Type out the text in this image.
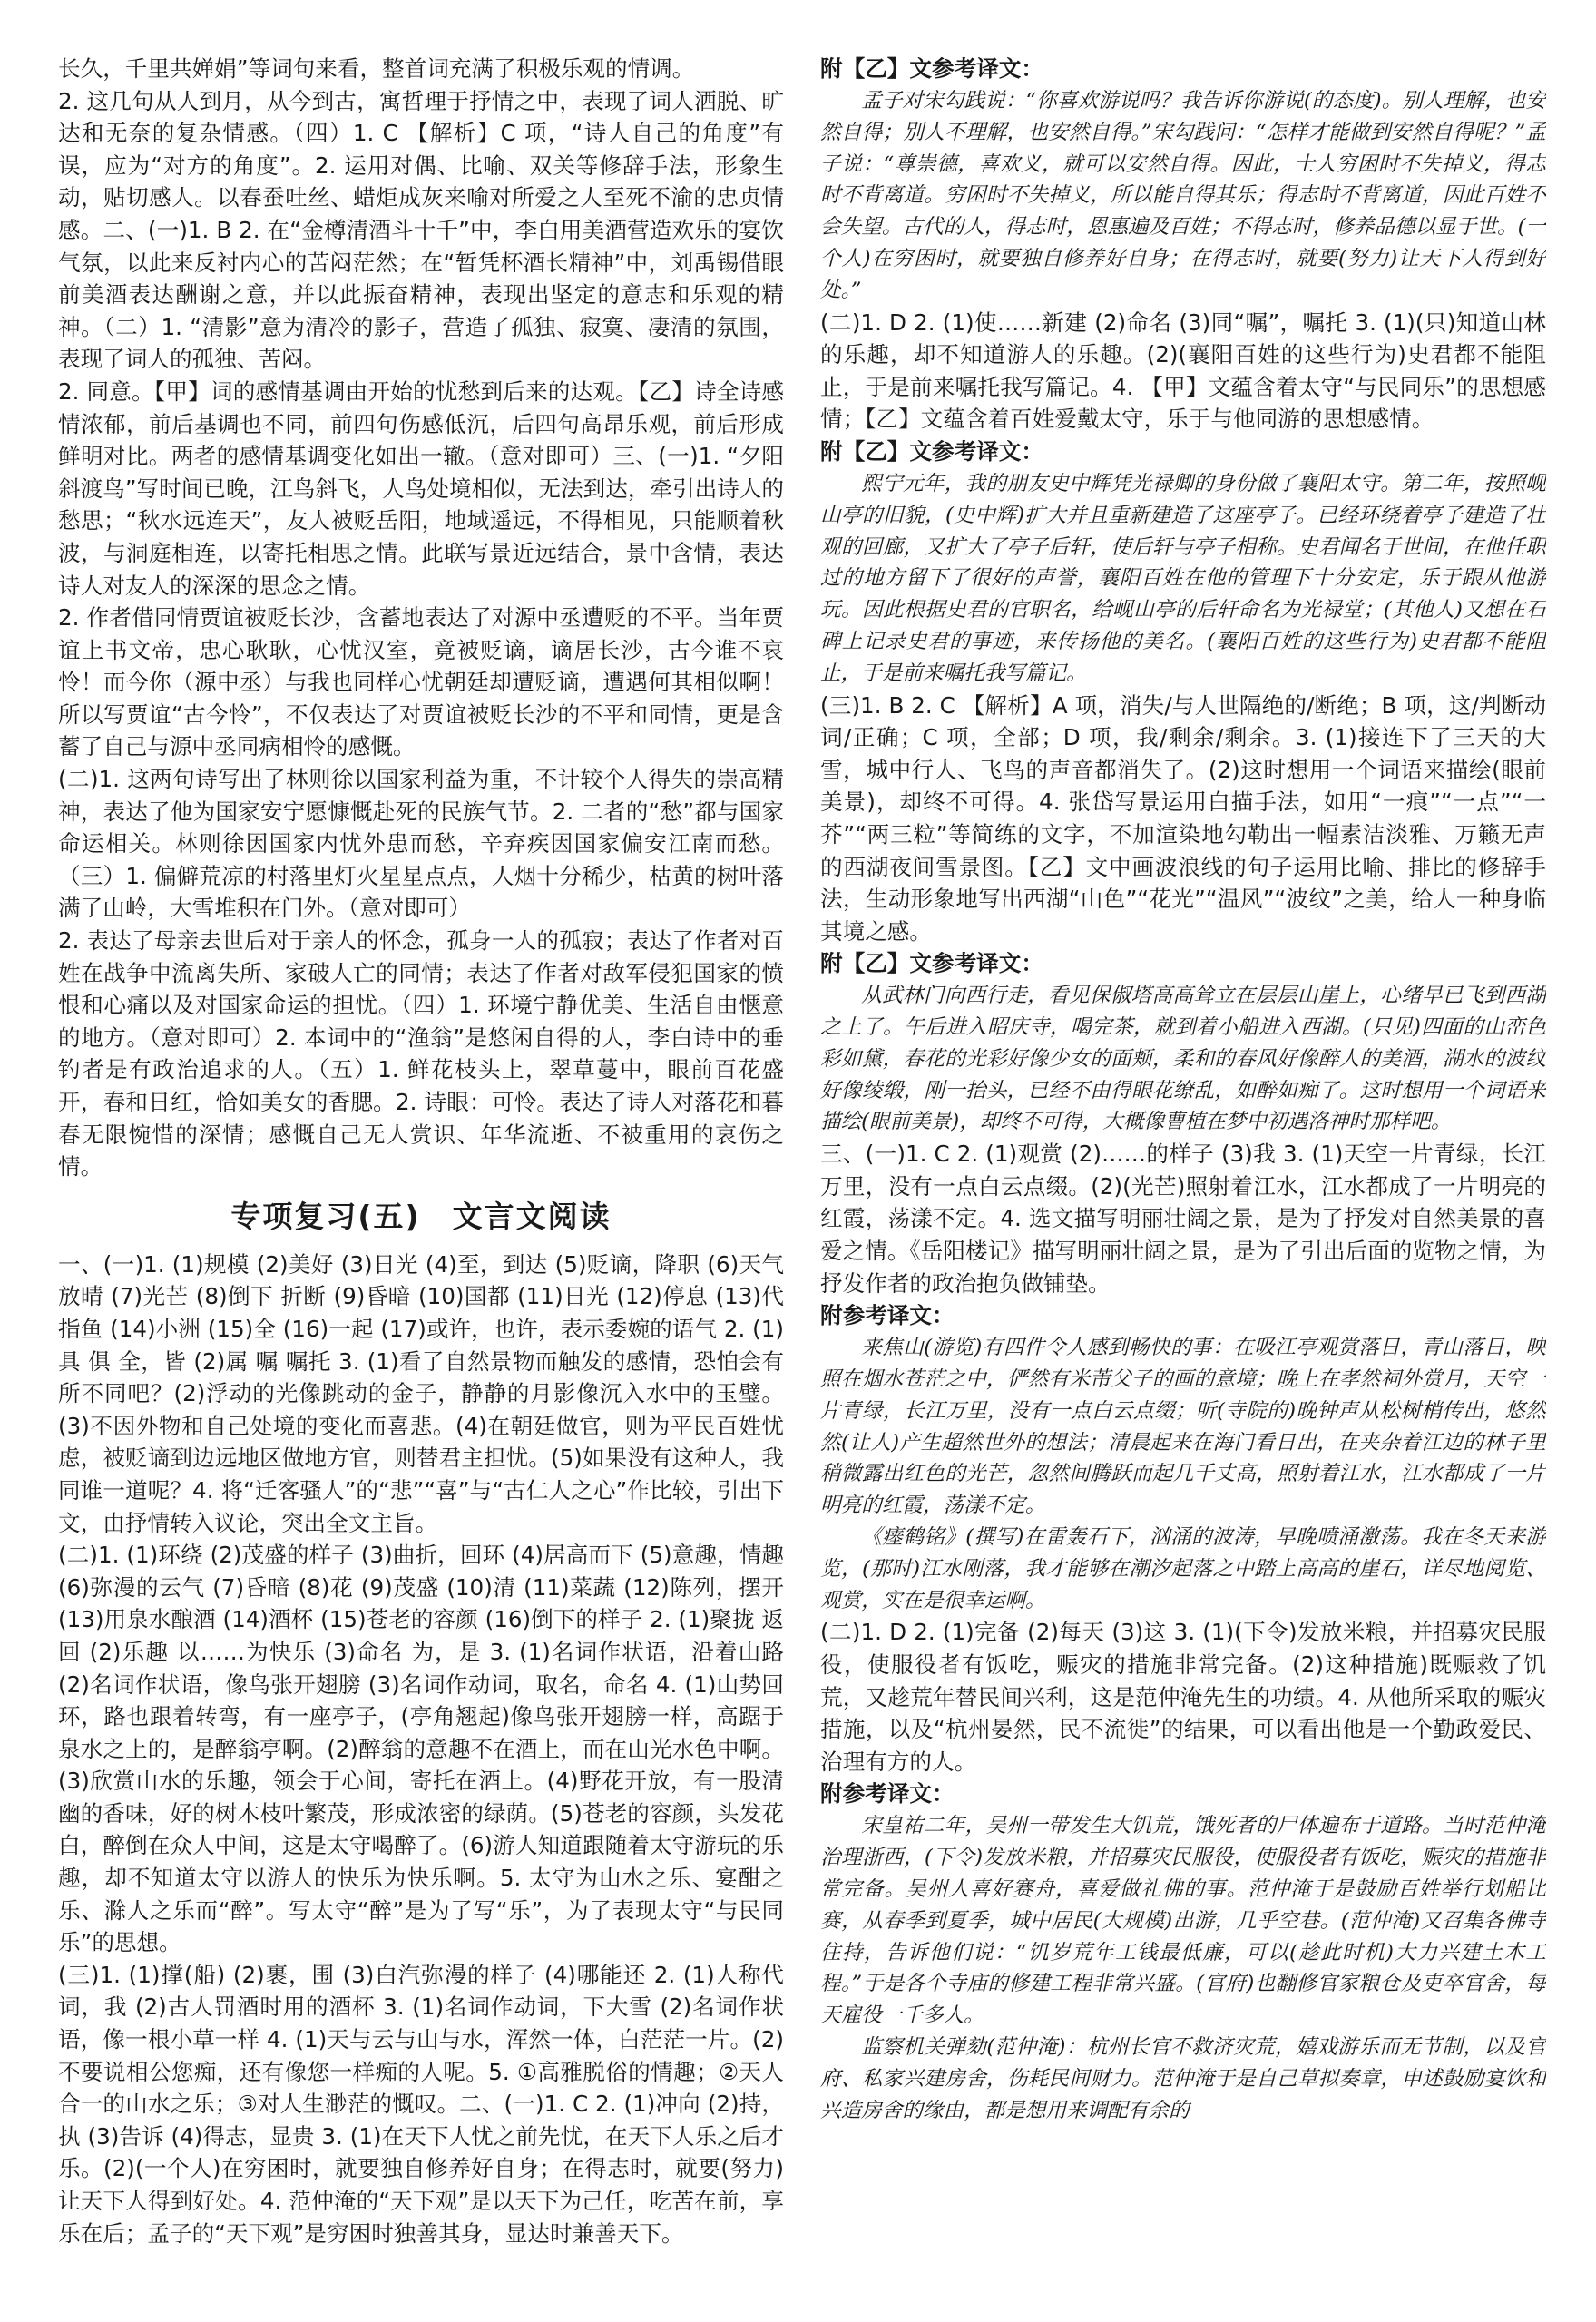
长久，千里共婵娟”等词句来看，整首词充满了积极乐观的情调。

2. 这几句从人到月，从今到古，寓哲理于抒情之中，表现了词人洒脱、旷达和无奈的复杂情感。（四）1. C 【解析】C 项，“诗人自己的角度”有误，应为“对方的角度”。2. 运用对偶、比喻、双关等修辞手法，形象生动，贴切感人。以春蚕吐丝、蜡炬成灰来喻对所爱之人至死不渝的忠贞情感。二、(一)1. B 2. 在“金樽清酒斗十千”中，李白用美酒营造欢乐的宴饮气氛，以此来反衬内心的苦闷茫然；在“暂凭杯酒长精神”中，刘禹锡借眼前美酒表达酬谢之意，并以此振奋精神，表现出坚定的意志和乐观的精神。（二）1. “清影”意为清冷的影子，营造了孤独、寂寞、凄清的氛围，表现了词人的孤独、苦闷。

2. 同意。【甲】词的感情基调由开始的忧愁到后来的达观。【乙】诗全诗感情浓郁，前后基调也不同，前四句伤感低沉，后四句高昂乐观，前后形成鲜明对比。两者的感情基调变化如出一辙。（意对即可）三、(一)1. “夕阳斜渡鸟”写时间已晚，江鸟斜飞，人鸟处境相似，无法到达，牵引出诗人的愁思；“秋水远连天”，友人被贬岳阳，地域遥远，不得相见，只能顺着秋波，与洞庭相连，以寄托相思之情。此联写景近远结合，景中含情，表达诗人对友人的深深的思念之情。

2. 作者借同情贾谊被贬长沙，含蓄地表达了对源中丞遭贬的不平。当年贾谊上书文帝，忠心耿耿，心忧汉室，竟被贬谪，谪居长沙，古今谁不哀怜！而今你（源中丞）与我也同样心忧朝廷却遭贬谪，遭遇何其相似啊！所以写贾谊“古今怜”，不仅表达了对贾谊被贬长沙的不平和同情，更是含蓄了自己与源中丞同病相怜的感慨。

(二)1. 这两句诗写出了林则徐以国家利益为重，不计较个人得失的崇高精神，表达了他为国家安宁愿慷慨赴死的民族气节。2. 二者的“愁”都与国家命运相关。林则徐因国家内忧外患而愁，辛弃疾因国家偏安江南而愁。（三）1. 偏僻荒凉的村落里灯火星星点点，人烟十分稀少，枯黄的树叶落满了山岭，大雪堆积在门外。（意对即可）

2. 表达了母亲去世后对于亲人的怀念，孤身一人的孤寂；表达了作者对百姓在战争中流离失所、家破人亡的同情；表达了作者对敌军侵犯国家的愤恨和心痛以及对国家命运的担忧。（四）1. 环境宁静优美、生活自由惬意的地方。（意对即可）2. 本词中的“渔翁”是悠闲自得的人，李白诗中的垂钓者是有政治追求的人。（五）1. 鲜花枝头上，翠草蔓中，眼前百花盛开，春和日红，恰如美女的香腮。2. 诗眼：可怜。表达了诗人对落花和暮春无限惋惜的深情；感慨自己无人赏识、年华流逝、不被重用的哀伤之情。

专项复习(五)　文言文阅读

一、(一)1. (1)规模 (2)美好 (3)日光 (4)至，到达 (5)贬谪，降职 (6)天气放晴 (7)光芒 (8)倒下 折断 (9)昏暗 (10)国都 (11)日光 (12)停息 (13)代指鱼 (14)小洲 (15)全 (16)一起 (17)或许，也许，表示委婉的语气 2. (1)具 俱 全，皆 (2)属 嘱 嘱托 3. (1)看了自然景物而触发的感情，恐怕会有所不同吧？(2)浮动的光像跳动的金子，静静的月影像沉入水中的玉璧。(3)不因外物和自己处境的变化而喜悲。(4)在朝廷做官，则为平民百姓忧虑，被贬谪到边远地区做地方官，则替君主担忧。(5)如果没有这种人，我同谁一道呢？4. 将“迁客骚人”的“悲”“喜”与“古仁人之心”作比较，引出下文，由抒情转入议论，突出全文主旨。

(二)1. (1)环绕 (2)茂盛的样子 (3)曲折，回环 (4)居高而下 (5)意趣，情趣 (6)弥漫的云气 (7)昏暗 (8)花 (9)茂盛 (10)清 (11)菜蔬 (12)陈列，摆开 (13)用泉水酿酒 (14)酒杯 (15)苍老的容颜 (16)倒下的样子 2. (1)聚拢 返回 (2)乐趣 以……为快乐 (3)命名 为，是 3. (1)名词作状语，沿着山路 (2)名词作状语，像鸟张开翅膀 (3)名词作动词，取名，命名 4. (1)山势回环，路也跟着转弯，有一座亭子，(亭角翘起)像鸟张开翅膀一样，高踞于泉水之上的，是醉翁亭啊。(2)醉翁的意趣不在酒上，而在山光水色中啊。(3)欣赏山水的乐趣，领会于心间，寄托在酒上。(4)野花开放，有一股清幽的香味，好的树木枝叶繁茂，形成浓密的绿荫。(5)苍老的容颜，头发花白，醉倒在众人中间，这是太守喝醉了。(6)游人知道跟随着太守游玩的乐趣，却不知道太守以游人的快乐为快乐啊。5. 太守为山水之乐、宴酣之乐、滁人之乐而“醉”。写太守“醉”是为了写“乐”，为了表现太守“与民同乐”的思想。

(三)1. (1)撑(船) (2)裹，围 (3)白汽弥漫的样子 (4)哪能还 2. (1)人称代词，我 (2)古人罚酒时用的酒杯 3. (1)名词作动词，下大雪 (2)名词作状语，像一根小草一样 4. (1)天与云与山与水，浑然一体，白茫茫一片。(2)不要说相公您痴，还有像您一样痴的人呢。5. ①高雅脱俗的情趣；②天人合一的山水之乐；③对人生渺茫的慨叹。二、(一)1. C 2. (1)冲向 (2)持，执 (3)告诉 (4)得志，显贵 3. (1)在天下人忧之前先忧，在天下人乐之后才乐。(2)(一个人)在穷困时，就要独自修养好自身；在得志时，就要(努力)让天下人得到好处。4. 范仲淹的“天下观”是以天下为己任，吃苦在前，享乐在后；孟子的“天下观”是穷困时独善其身，显达时兼善天下。

附【乙】文参考译文：

孟子对宋勾践说：“你喜欢游说吗？我告诉你游说(的态度)。别人理解，也安然自得；别人不理解，也安然自得。”宋勾践问：“怎样才能做到安然自得呢？”孟子说：“尊崇德，喜欢义，就可以安然自得。因此，士人穷困时不失掉义，得志时不背离道。穷困时不失掉义，所以能自得其乐；得志时不背离道，因此百姓不会失望。古代的人，得志时，恩惠遍及百姓；不得志时，修养品德以显于世。(一个人)在穷困时，就要独自修养好自身；在得志时，就要(努力)让天下人得到好处。”

(二)1. D 2. (1)使……新建 (2)命名 (3)同“嘱”，嘱托 3. (1)(只)知道山林的乐趣，却不知道游人的乐趣。(2)(襄阳百姓的这些行为)史君都不能阻止，于是前来嘱托我写篇记。4. 【甲】文蕴含着太守“与民同乐”的思想感情；【乙】文蕴含着百姓爱戴太守，乐于与他同游的思想感情。

附【乙】文参考译文：

熙宁元年，我的朋友史中辉凭光禄卿的身份做了襄阳太守。第二年，按照岘山亭的旧貌，(史中辉)扩大并且重新建造了这座亭子。已经环绕着亭子建造了壮观的回廊，又扩大了亭子后轩，使后轩与亭子相称。史君闻名于世间，在他任职过的地方留下了很好的声誉，襄阳百姓在他的管理下十分安定，乐于跟从他游玩。因此根据史君的官职名，给岘山亭的后轩命名为光禄堂；(其他人)又想在石碑上记录史君的事迹，来传扬他的美名。(襄阳百姓的这些行为)史君都不能阻止，于是前来嘱托我写篇记。

(三)1. B 2. C 【解析】A 项，消失/与人世隔绝的/断绝；B 项，这/判断动词/正确；C 项，全部；D 项，我/剩余/剩余。3. (1)接连下了三天的大雪，城中行人、飞鸟的声音都消失了。(2)这时想用一个词语来描绘(眼前美景)，却终不可得。4. 张岱写景运用白描手法，如用“一痕”“一点”“一芥”“两三粒”等简练的文字，不加渲染地勾勒出一幅素洁淡雅、万籁无声的西湖夜间雪景图。【乙】文中画波浪线的句子运用比喻、排比的修辞手法，生动形象地写出西湖“山色”“花光”“温风”“波纹”之美，给人一种身临其境之感。

附【乙】文参考译文：

从武林门向西行走，看见保俶塔高高耸立在层层山崖上，心绪早已飞到西湖之上了。午后进入昭庆寺，喝完茶，就到着小船进入西湖。(只见)四面的山峦色彩如黛，春花的光彩好像少女的面颊，柔和的春风好像醉人的美酒，湖水的波纹好像绫缎，刚一抬头，已经不由得眼花缭乱，如醉如痴了。这时想用一个词语来描绘(眼前美景)，却终不可得，大概像曹植在梦中初遇洛神时那样吧。

三、(一)1. C 2. (1)观赏 (2)……的样子 (3)我 3. (1)天空一片青绿，长江万里，没有一点白云点缀。(2)(光芒)照射着江水，江水都成了一片明亮的红霞，荡漾不定。4. 选文描写明丽壮阔之景，是为了抒发对自然美景的喜爱之情。《岳阳楼记》描写明丽壮阔之景，是为了引出后面的览物之情，为抒发作者的政治抱负做铺垫。

附参考译文：

来焦山(游览)有四件令人感到畅快的事：在吸江亭观赏落日，青山落日，映照在烟水苍茫之中，俨然有米芾父子的画的意境；晚上在孝然祠外赏月，天空一片青绿，长江万里，没有一点白云点缀；听(寺院的)晚钟声从松树梢传出，悠然然(让人)产生超然世外的想法；清晨起来在海门看日出，在夹杂着江边的林子里稍微露出红色的光芒，忽然间腾跃而起几千丈高，照射着江水，江水都成了一片明亮的红霞，荡漾不定。

《瘗鹤铭》(撰写)在雷轰石下，汹涌的波涛，早晚喷涌激荡。我在冬天来游览，(那时)江水刚落，我才能够在潮汐起落之中踏上高高的崖石，详尽地阅览、观赏，实在是很幸运啊。

(二)1. D 2. (1)完备 (2)每天 (3)这 3. (1)(下令)发放米粮，并招募灾民服役，使服役者有饭吃，赈灾的措施非常完备。(2)这种措施)既赈救了饥荒，又趁荒年替民间兴利，这是范仲淹先生的功绩。4. 从他所采取的赈灾措施，以及“杭州晏然，民不流徙”的结果，可以看出他是一个勤政爱民、治理有方的人。

附参考译文：

宋皇祐二年，吴州一带发生大饥荒，饿死者的尸体遍布于道路。当时范仲淹治理浙西，(下令)发放米粮，并招募灾民服役，使服役者有饭吃，赈灾的措施非常完备。吴州人喜好赛舟，喜爱做礼佛的事。范仲淹于是鼓励百姓举行划船比赛，从春季到夏季，城中居民(大规模)出游，几乎空巷。(范仲淹)又召集各佛寺住持，告诉他们说：“饥岁荒年工钱最低廉，可以(趁此时机)大力兴建土木工程。”于是各个寺庙的修建工程非常兴盛。(官府)也翻修官家粮仓及吏卒官舍，每天雇役一千多人。

监察机关弹劾(范仲淹)：杭州长官不救济灾荒，嬉戏游乐而无节制，以及官府、私家兴建房舍，伤耗民间财力。范仲淹于是自己草拟奏章，申述鼓励宴饮和兴造房舍的缘由，都是想用来调配有余的
